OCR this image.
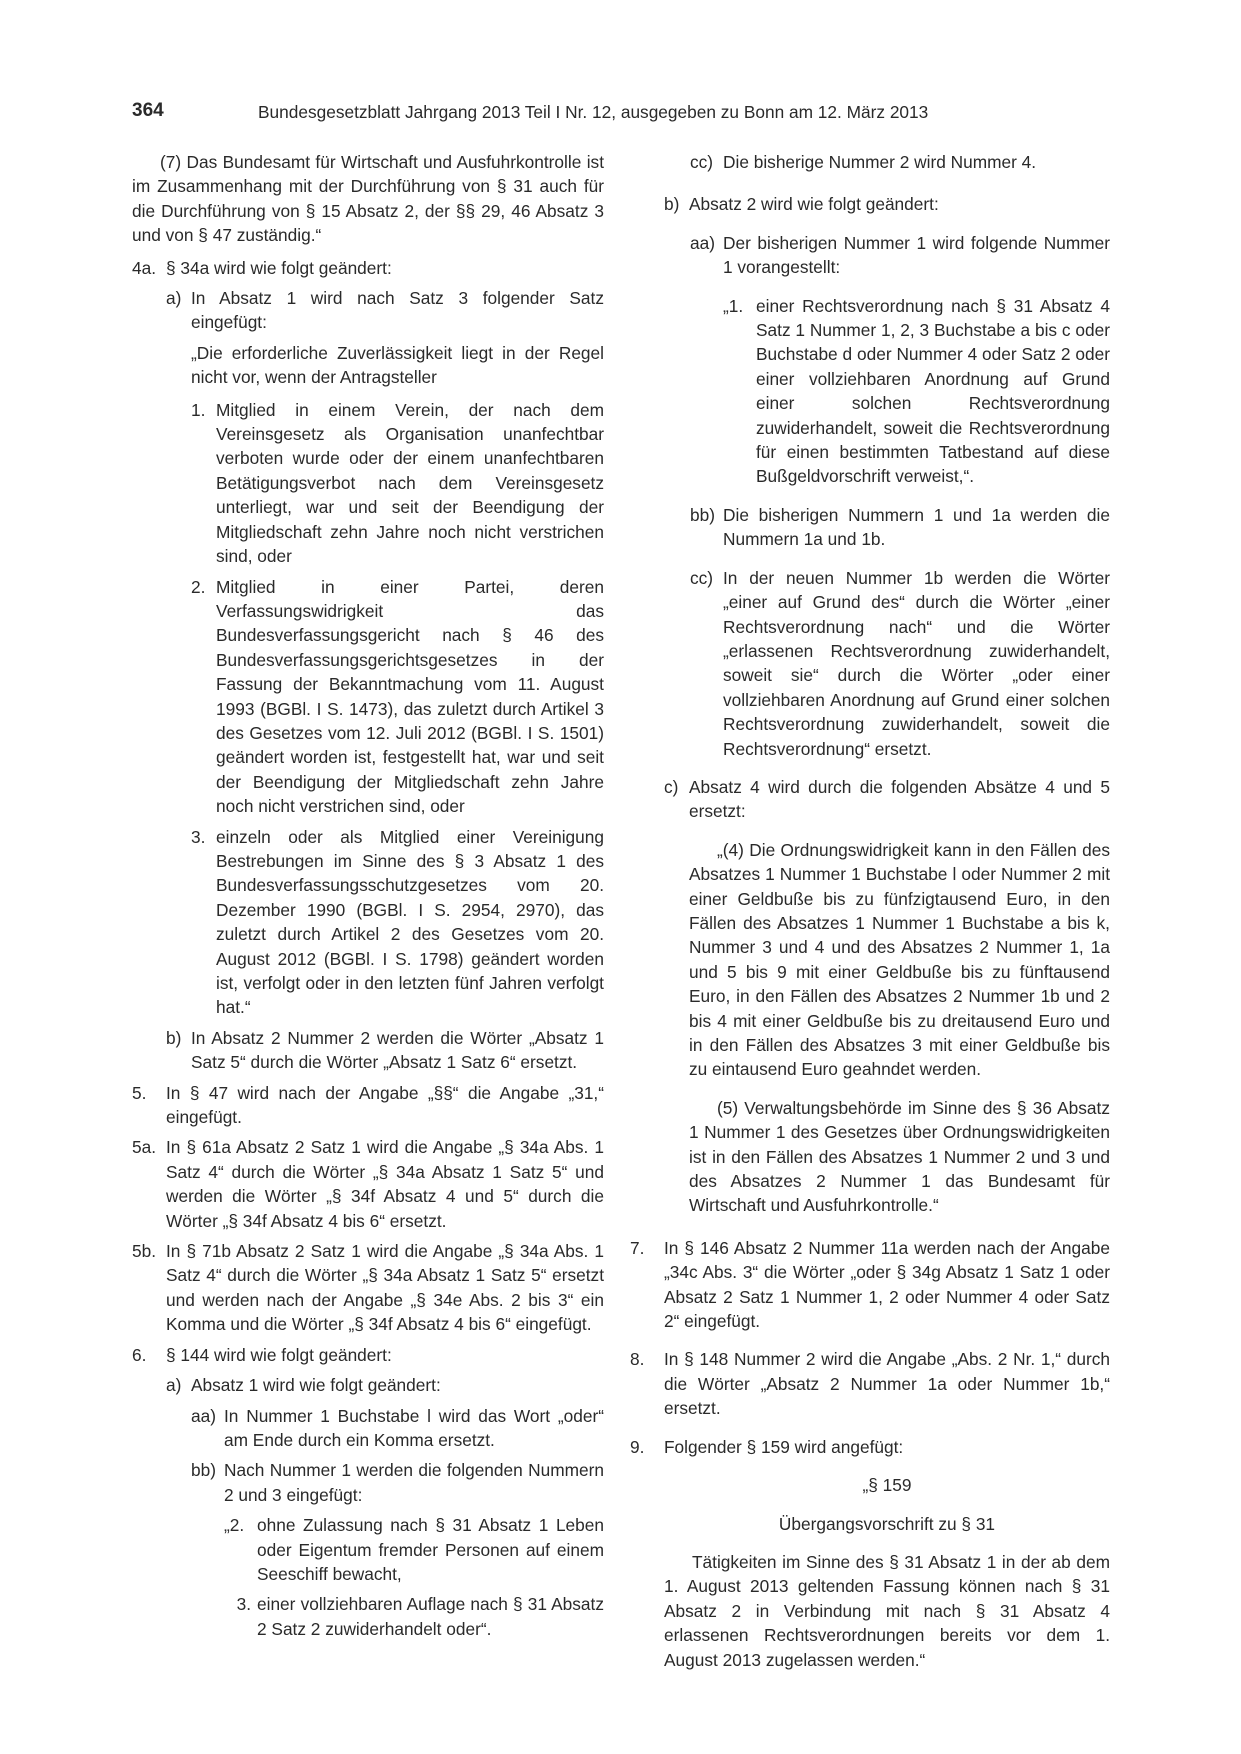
364	Bundesgesetzblatt Jahrgang 2013 Teil I Nr. 12, ausgegeben zu Bonn am 12. März 2013
(7) Das Bundesamt für Wirtschaft und Ausfuhrkontrolle ist im Zusammenhang mit der Durchführung von § 31 auch für die Durchführung von § 15 Absatz 2, der §§ 29, 46 Absatz 3 und von § 47 zuständig.“
4a. § 34a wird wie folgt geändert:
a) In Absatz 1 wird nach Satz 3 folgender Satz eingefügt:
„Die erforderliche Zuverlässigkeit liegt in der Regel nicht vor, wenn der Antragsteller
1. Mitglied in einem Verein, der nach dem Vereinsgesetz als Organisation unanfechtbar verboten wurde oder der einem unanfechtbaren Betätigungsverbot nach dem Vereinsgesetz unterliegt, war und seit der Beendigung der Mitgliedschaft zehn Jahre noch nicht verstrichen sind, oder
2. Mitglied in einer Partei, deren Verfassungswidrigkeit das Bundesverfassungsgericht nach § 46 des Bundesverfassungsgerichtsgesetzes in der Fassung der Bekanntmachung vom 11. August 1993 (BGBl. I S. 1473), das zuletzt durch Artikel 3 des Gesetzes vom 12. Juli 2012 (BGBl. I S. 1501) geändert worden ist, festgestellt hat, war und seit der Beendigung der Mitgliedschaft zehn Jahre noch nicht verstrichen sind, oder
3. einzeln oder als Mitglied einer Vereinigung Bestrebungen im Sinne des § 3 Absatz 1 des Bundesverfassungsschutzgesetzes vom 20. Dezember 1990 (BGBl. I S. 2954, 2970), das zuletzt durch Artikel 2 des Gesetzes vom 20. August 2012 (BGBl. I S. 1798) geändert worden ist, verfolgt oder in den letzten fünf Jahren verfolgt hat.“
b) In Absatz 2 Nummer 2 werden die Wörter „Absatz 1 Satz 5“ durch die Wörter „Absatz 1 Satz 6“ ersetzt.
5.	In § 47 wird nach der Angabe „§§“ die Angabe „31,“ eingefügt.
5a. In § 61a Absatz 2 Satz 1 wird die Angabe „§ 34a Abs. 1 Satz 4“ durch die Wörter „§ 34a Absatz 1 Satz 5“ und werden die Wörter „§ 34f Absatz 4 und 5“ durch die Wörter „§ 34f Absatz 4 bis 6“ ersetzt.
5b. In § 71b Absatz 2 Satz 1 wird die Angabe „§ 34a Abs. 1 Satz 4“ durch die Wörter „§ 34a Absatz 1 Satz 5“ ersetzt und werden nach der Angabe „§ 34e Abs. 2 bis 3“ ein Komma und die Wörter „§ 34f Absatz 4 bis 6“ eingefügt.
6.	§ 144 wird wie folgt geändert:
a) Absatz 1 wird wie folgt geändert:
aa) In Nummer 1 Buchstabe l wird das Wort „oder“ am Ende durch ein Komma ersetzt.
bb) Nach Nummer 1 werden die folgenden Nummern 2 und 3 eingefügt:
„2. ohne Zulassung nach § 31 Absatz 1 Leben oder Eigentum fremder Personen auf einem Seeschiff bewacht,
3. einer vollziehbaren Auflage nach § 31 Absatz 2 Satz 2 zuwiderhandelt oder“.
cc) Die bisherige Nummer 2 wird Nummer 4.
b) Absatz 2 wird wie folgt geändert:
aa) Der bisherigen Nummer 1 wird folgende Nummer 1 vorangestellt:
„1. einer Rechtsverordnung nach § 31 Absatz 4 Satz 1 Nummer 1, 2, 3 Buchstabe a bis c oder Buchstabe d oder Nummer 4 oder Satz 2 oder einer vollziehbaren Anordnung auf Grund einer solchen Rechtsverordnung zuwiderhandelt, soweit die Rechtsverordnung für einen bestimmten Tatbestand auf diese Bußgeldvorschrift verweist,“.
bb) Die bisherigen Nummern 1 und 1a werden die Nummern 1a und 1b.
cc) In der neuen Nummer 1b werden die Wörter „einer auf Grund des“ durch die Wörter „einer Rechtsverordnung nach“ und die Wörter „erlassenen Rechtsverordnung zuwiderhandelt, soweit sie“ durch die Wörter „oder einer vollziehbaren Anordnung auf Grund einer solchen Rechtsverordnung zuwiderhandelt, soweit die Rechtsverordnung“ ersetzt.
c) Absatz 4 wird durch die folgenden Absätze 4 und 5 ersetzt:
„(4) Die Ordnungswidrigkeit kann in den Fällen des Absatzes 1 Nummer 1 Buchstabe l oder Nummer 2 mit einer Geldbuße bis zu fünfzigtausend Euro, in den Fällen des Absatzes 1 Nummer 1 Buchstabe a bis k, Nummer 3 und 4 und des Absatzes 2 Nummer 1, 1a und 5 bis 9 mit einer Geldbuße bis zu fünftausend Euro, in den Fällen des Absatzes 2 Nummer 1b und 2 bis 4 mit einer Geldbuße bis zu dreitausend Euro und in den Fällen des Absatzes 3 mit einer Geldbuße bis zu eintausend Euro geahndet werden.
(5) Verwaltungsbehörde im Sinne des § 36 Absatz 1 Nummer 1 des Gesetzes über Ordnungswidrigkeiten ist in den Fällen des Absatzes 1 Nummer 2 und 3 und des Absatzes 2 Nummer 1 das Bundesamt für Wirtschaft und Ausfuhrkontrolle.“
7.	In § 146 Absatz 2 Nummer 11a werden nach der Angabe „34c Abs. 3“ die Wörter „oder § 34g Absatz 1 Satz 1 oder Absatz 2 Satz 1 Nummer 1, 2 oder Nummer 4 oder Satz 2“ eingefügt.
8.	In § 148 Nummer 2 wird die Angabe „Abs. 2 Nr. 1,“ durch die Wörter „Absatz 2 Nummer 1a oder Nummer 1b,“ ersetzt.
9.	Folgender § 159 wird angefügt:
„§ 159
Übergangsvorschrift zu § 31
Tätigkeiten im Sinne des § 31 Absatz 1 in der ab dem 1. August 2013 geltenden Fassung können nach § 31 Absatz 2 in Verbindung mit nach § 31 Absatz 4 erlassenen Rechtsverordnungen bereits vor dem 1. August 2013 zugelassen werden.“
